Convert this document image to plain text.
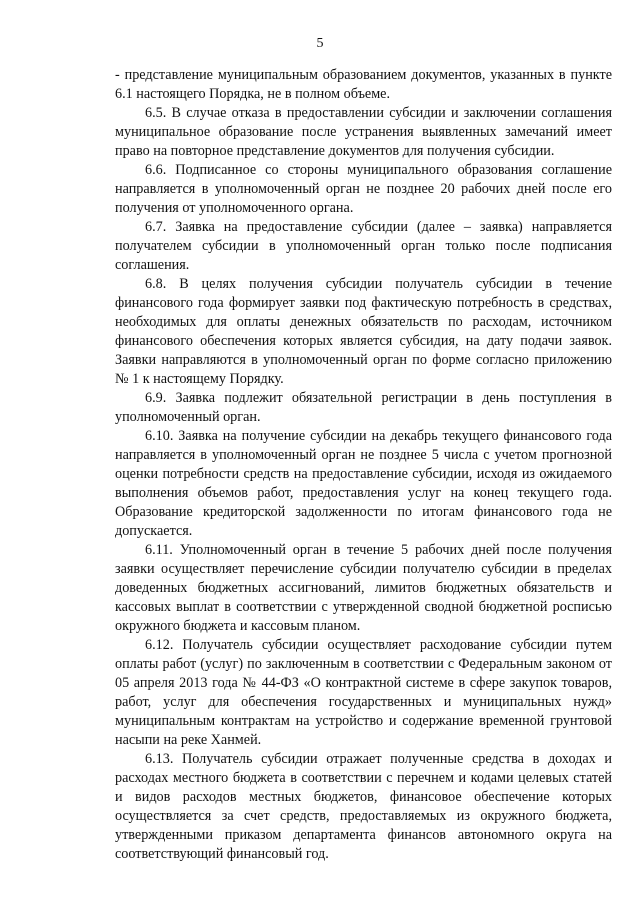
5

- представление муниципальным образованием документов, указанных в пункте 6.1 настоящего Порядка, не в полном объеме.

6.5. В случае отказа в предоставлении субсидии и заключении соглашения муниципальное образование после устранения выявленных замечаний имеет право на повторное представление документов для получения субсидии.

6.6. Подписанное со стороны муниципального образования соглашение направляется в уполномоченный орган не позднее 20 рабочих дней после его получения от уполномоченного органа.

6.7. Заявка на предоставление субсидии (далее – заявка) направляется получателем субсидии в уполномоченный орган только после подписания соглашения.

6.8. В целях получения субсидии получатель субсидии в течение финансового года формирует заявки под фактическую потребность в средствах, необходимых для оплаты денежных обязательств по расходам, источником финансового обеспечения которых является субсидия, на дату подачи заявок. Заявки направляются в уполномоченный орган по форме согласно приложению № 1 к настоящему Порядку.

6.9. Заявка подлежит обязательной регистрации в день поступления в уполномоченный орган.

6.10. Заявка на получение субсидии на декабрь текущего финансового года направляется в уполномоченный орган не позднее 5 числа с учетом прогнозной оценки потребности средств на предоставление субсидии, исходя из ожидаемого выполнения объемов работ, предоставления услуг на конец текущего года. Образование кредиторской задолженности по итогам финансового года не допускается.

6.11. Уполномоченный орган в течение 5 рабочих дней после получения заявки осуществляет перечисление субсидии получателю субсидии в пределах доведенных бюджетных ассигнований, лимитов бюджетных обязательств и кассовых выплат в соответствии с утвержденной сводной бюджетной росписью окружного бюджета и кассовым планом.

6.12. Получатель субсидии осуществляет расходование субсидии путем оплаты работ (услуг) по заключенным в соответствии с Федеральным законом от 05 апреля 2013 года № 44-ФЗ «О контрактной системе в сфере закупок товаров, работ, услуг для обеспечения государственных и муниципальных нужд» муниципальным контрактам на устройство и содержание временной грунтовой насыпи на реке Ханмей.

6.13. Получатель субсидии отражает полученные средства в доходах и расходах местного бюджета в соответствии с перечнем и кодами целевых статей и видов расходов местных бюджетов, финансовое обеспечение которых осуществляется за счет средств, предоставляемых из окружного бюджета, утвержденными приказом департамента финансов автономного округа на соответствующий финансовый год.
